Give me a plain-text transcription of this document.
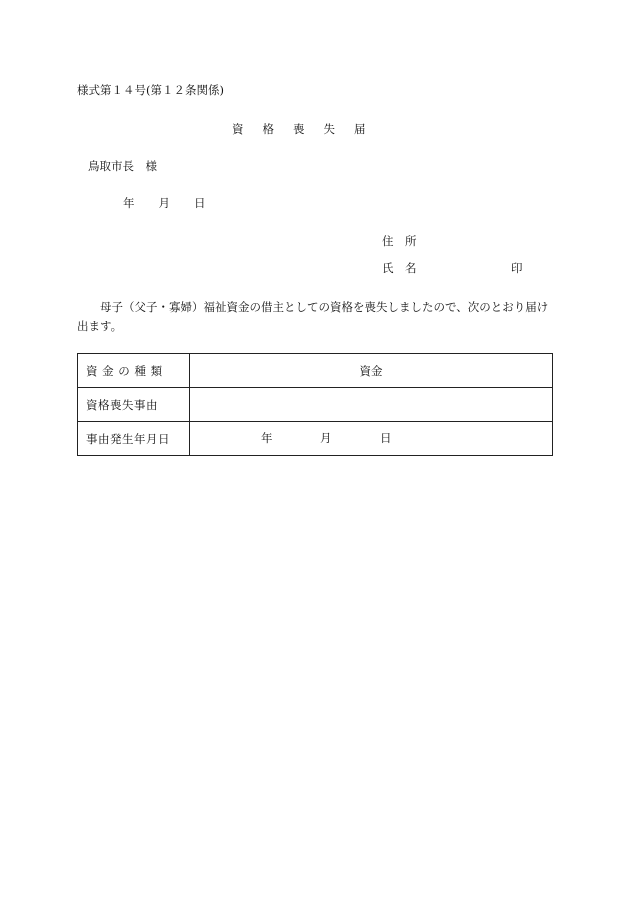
様式第１４号(第１２条関係)
資 格 喪 失 届
鳥取市長　様
年 月 日
住　所
氏　名	印

母子（父子・寡婦）福祉資金の借主としての資格を喪失しましたので、次のとおり届け出ます。

資 金 の 種 類	資金
資格喪失事由	
事由発生年月日	年 月 日
